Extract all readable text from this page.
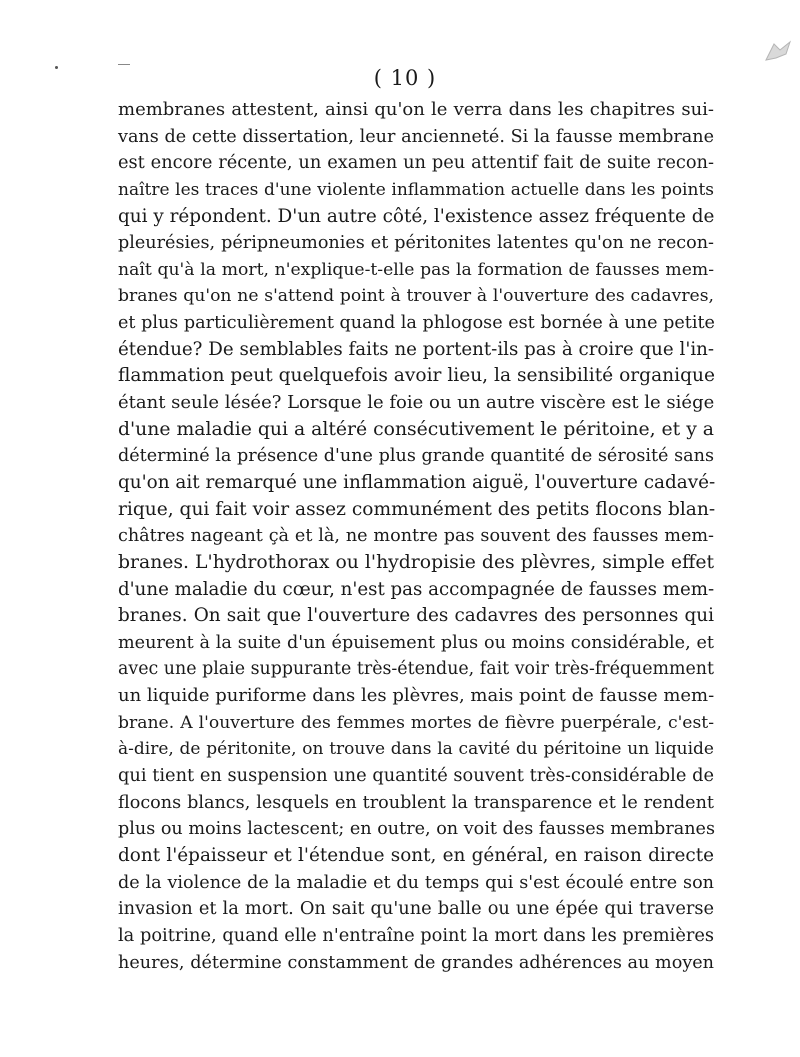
( 10 )
membranes attestent, ainsi qu'on le verra dans les chapitres sui-
vans de cette dissertation, leur ancienneté. Si la fausse membrane
est encore récente, un examen un peu attentif fait de suite recon-
naître les traces d'une violente inflammation actuelle dans les points
qui y répondent. D'un autre côté, l'existence assez fréquente de
pleurésies, péripneumonies et péritonites latentes qu'on ne recon-
naît qu'à la mort, n'explique-t-elle pas la formation de fausses mem-
branes qu'on ne s'attend point à trouver à l'ouverture des cadavres,
et plus particulièrement quand la phlogose est bornée à une petite
étendue? De semblables faits ne portent-ils pas à croire que l'in-
flammation peut quelquefois avoir lieu, la sensibilité organique
étant seule lésée? Lorsque le foie ou un autre viscère est le siége
d'une maladie qui a altéré consécutivement le péritoine, et y a
déterminé la présence d'une plus grande quantité de sérosité sans
qu'on ait remarqué une inflammation aiguë, l'ouverture cadavé-
rique, qui fait voir assez communément des petits flocons blan-
châtres nageant çà et là, ne montre pas souvent des fausses mem-
branes. L'hydrothorax ou l'hydropisie des plèvres, simple effet
d'une maladie du cœur, n'est pas accompagnée de fausses mem-
branes. On sait que l'ouverture des cadavres des personnes qui
meurent à la suite d'un épuisement plus ou moins considérable, et
avec une plaie suppurante très-étendue, fait voir très-fréquemment
un liquide puriforme dans les plèvres, mais point de fausse mem-
brane. A l'ouverture des femmes mortes de fièvre puerpérale, c'est-
à-dire, de péritonite, on trouve dans la cavité du péritoine un liquide
qui tient en suspension une quantité souvent très-considérable de
flocons blancs, lesquels en troublent la transparence et le rendent
plus ou moins lactescent; en outre, on voit des fausses membranes
dont l'épaisseur et l'étendue sont, en général, en raison directe
de la violence de la maladie et du temps qui s'est écoulé entre son
invasion et la mort. On sait qu'une balle ou une épée qui traverse
la poitrine, quand elle n'entraîne point la mort dans les premières
heures, détermine constamment de grandes adhérences au moyen
